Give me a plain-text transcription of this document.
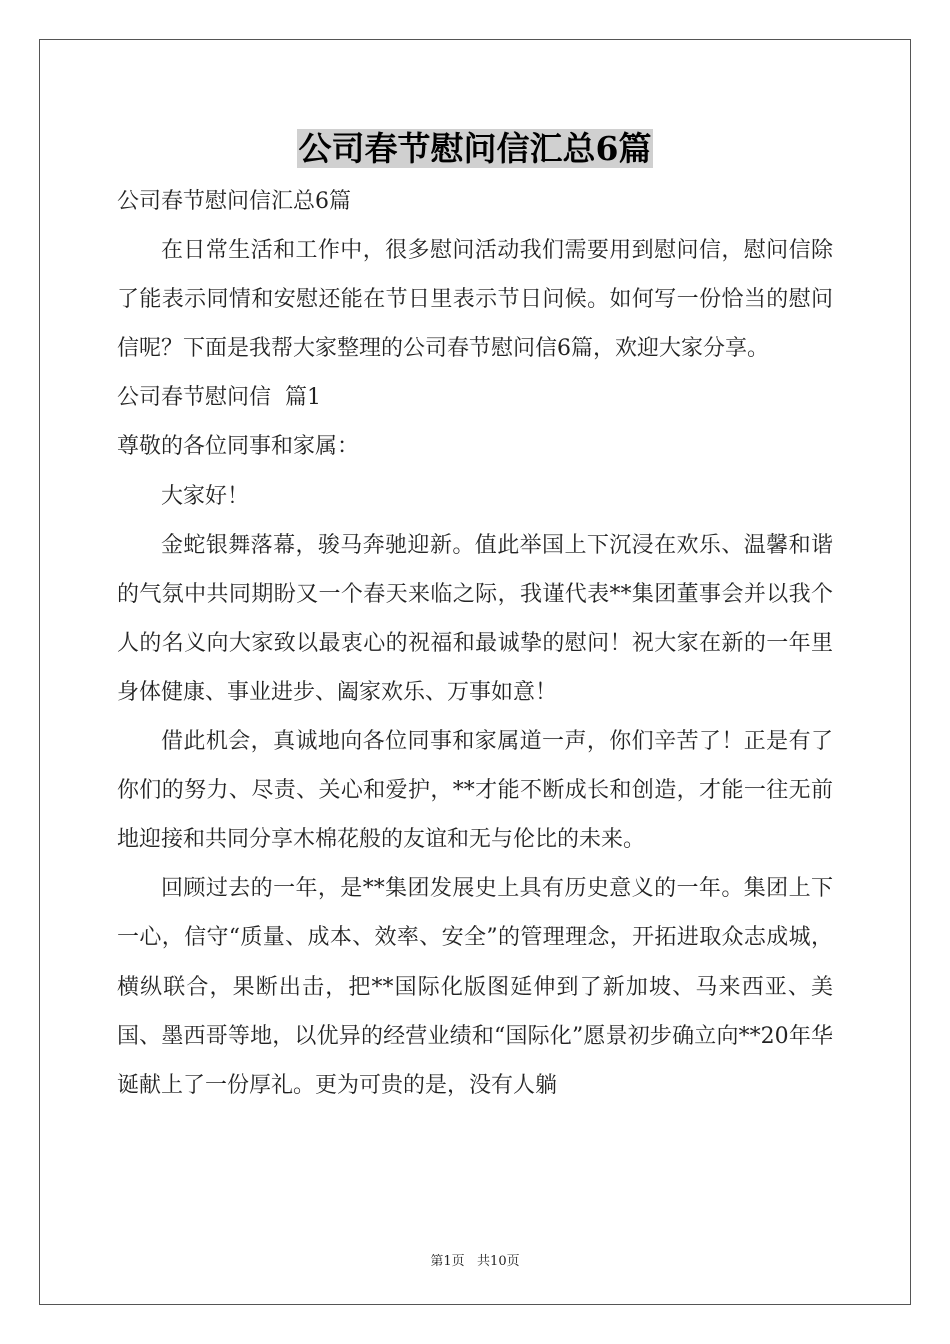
公司春节慰问信汇总6篇

公司春节慰问信汇总6篇

在日常生活和工作中，很多慰问活动我们需要用到慰问信，慰问信除了能表示同情和安慰还能在节日里表示节日问候。如何写一份恰当的慰问信呢？下面是我帮大家整理的公司春节慰问信6篇，欢迎大家分享。

公司春节慰问信  篇1

尊敬的各位同事和家属：

大家好！

金蛇银舞落幕，骏马奔驰迎新。值此举国上下沉浸在欢乐、温馨和谐的气氛中共同期盼又一个春天来临之际，我谨代表**集团董事会并以我个人的名义向大家致以最衷心的祝福和最诚挚的慰问！祝大家在新的一年里身体健康、事业进步、阖家欢乐、万事如意！

借此机会，真诚地向各位同事和家属道一声，你们辛苦了！正是有了你们的努力、尽责、关心和爱护，**才能不断成长和创造，才能一往无前地迎接和共同分享木棉花般的友谊和无与伦比的未来。

回顾过去的一年，是**集团发展史上具有历史意义的一年。集团上下一心，信守“质量、成本、效率、安全”的管理理念，开拓进取众志成城，横纵联合，果断出击，把**国际化版图延伸到了新加坡、马来西亚、美国、墨西哥等地，以优异的经营业绩和“国际化”愿景初步确立向**20年华诞献上了一份厚礼。更为可贵的是，没有人躺

第1页   共10页
